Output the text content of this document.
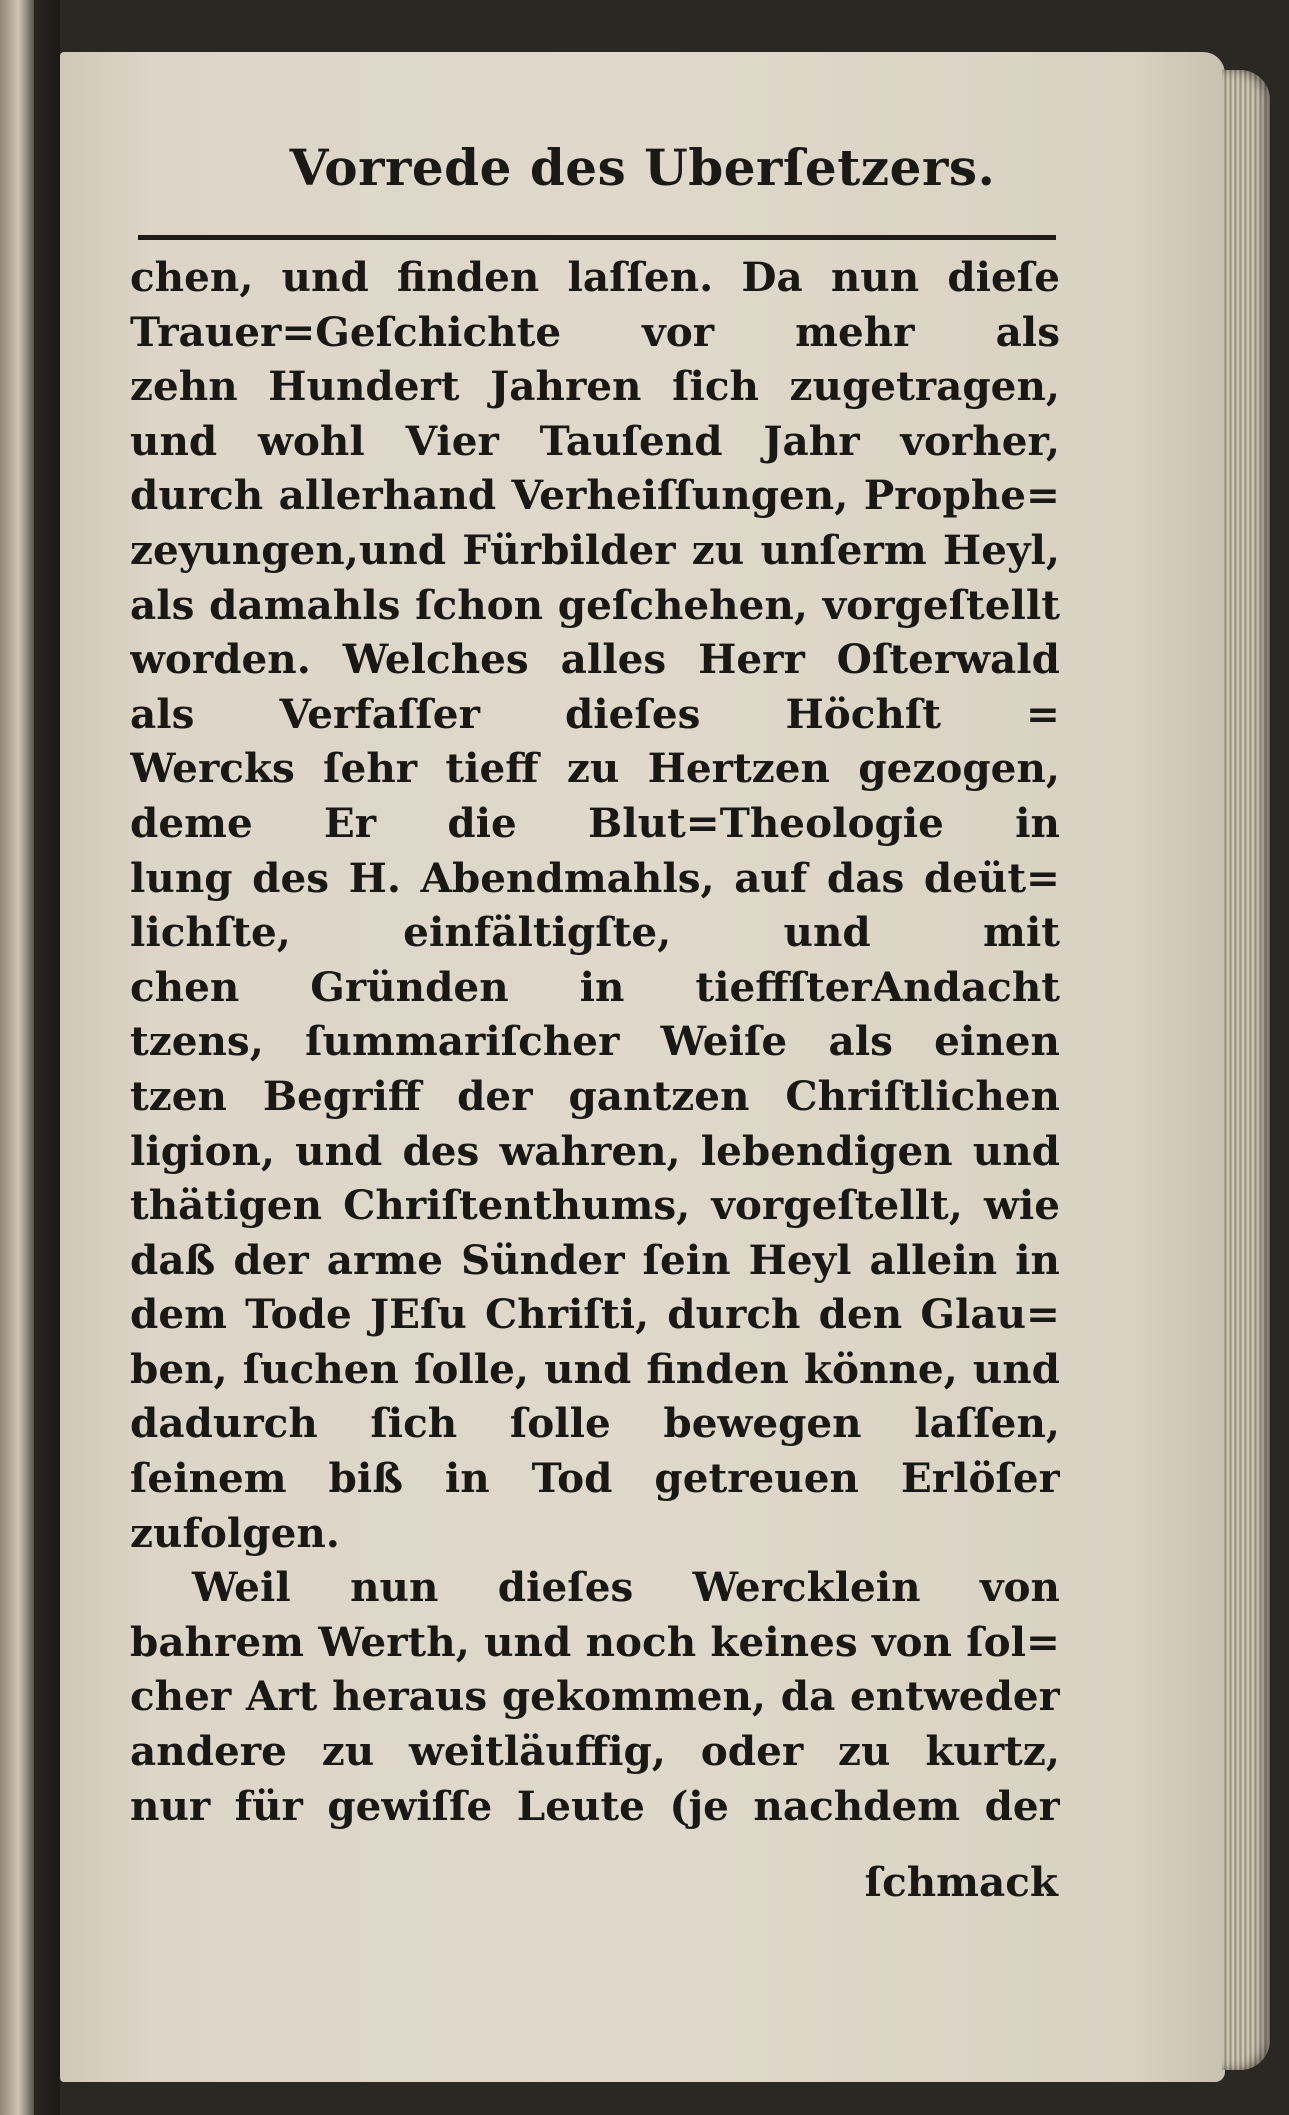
Vorrede des Uberſetzers.
chen, und finden laſſen. Da nun dieſe
Trauer=Geſchichte vor mehr als
zehn Hundert Jahren ſich zugetragen,
und wohl Vier Tauſend Jahr vorher,
durch allerhand Verheiſſungen, Prophe=
zeyungen,und Fürbilder zu unſerm Heyl,
als damahls ſchon geſchehen, vorgeſtellt
worden. Welches alles Herr Oſterwald
als Verfaſſer dieſes Höchſt =
Wercks ſehr tieff zu Hertzen gezogen,
deme Er die Blut=Theologie in
lung des H. Abendmahls, auf das deüt=
lichſte, einfältigſte, und mit
chen Gründen in tieffſterAndacht
tzens, ſummariſcher Weiſe als einen
tzen Begriff der gantzen Chriſtlichen
ligion, und des wahren, lebendigen und
thätigen Chriſtenthums, vorgeſtellt, wie
daß der arme Sünder ſein Heyl allein in
dem Tode JEſu Chriſti, durch den Glau=
ben, ſuchen ſolle, und finden könne, und
dadurch ſich ſolle bewegen laſſen,
ſeinem biß in Tod getreuen Erlöſer
zufolgen.
Weil nun dieſes Wercklein von
bahrem Werth, und noch keines von ſol=
cher Art heraus gekommen, da entweder
andere zu weitläuffig, oder zu kurtz,
nur für gewiſſe Leute (je nachdem der
ſchmack
